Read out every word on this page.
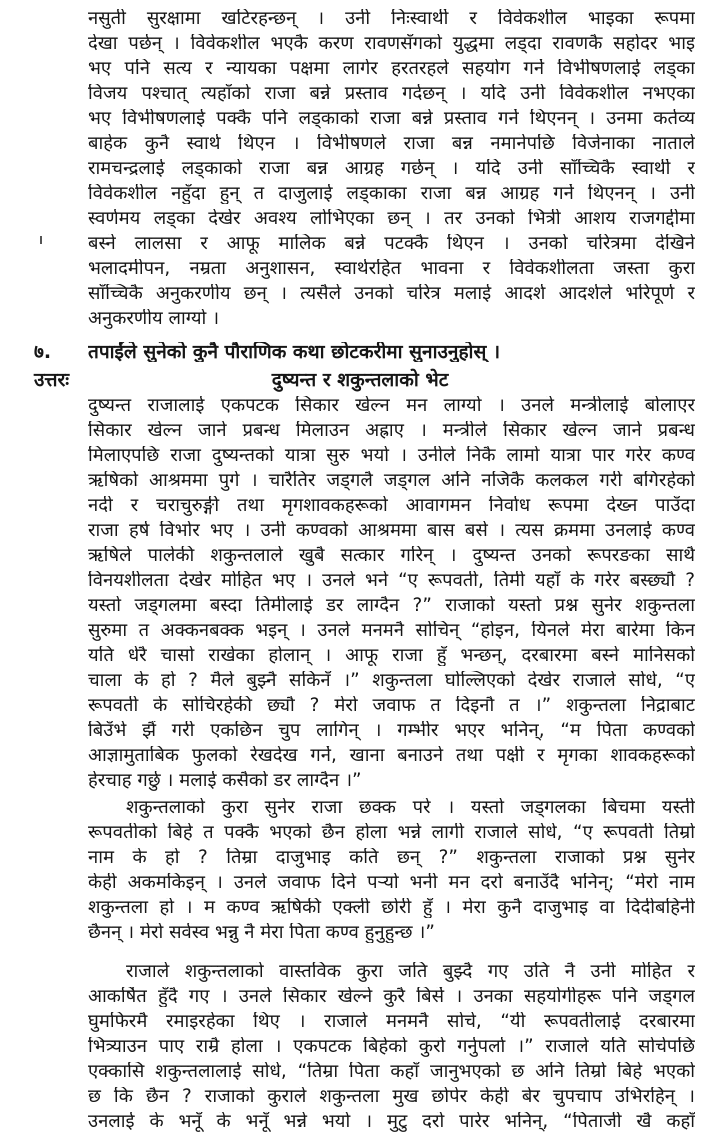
नसुती सुरक्षामा खटिरहन्छन् । उनी निःस्वार्थी र विवेकशील भाइका रूपमा
देखा पर्छन् । विवेकशील भएकै करण रावणसँगको युद्धमा लड्दा रावणकै सहोदर भाइ
भए पनि सत्य र न्यायका पक्षमा लागेर हरतरहले सहयोग गर्ने विभीषणलाई लड्का
विजय पश्चात् त्यहाँको राजा बन्ने प्रस्ताव गर्दछन् । यदि उनी विवेकशील नभएका
भए विभीषणलाई पक्कै पनि लड्काको राजा बन्ने प्रस्ताव गर्ने थिएनन् । उनमा कर्तव्य
बाहेक कुनै स्वार्थ थिएन । विभीषणले राजा बन्न नमानेपछि विजेनाका नाताले
रामचन्द्रलाई लड्काको राजा बन्न आग्रह गर्छन् । यदि उनी साँच्चिकै स्वार्थी र
विवेकशील नहुँदा हुन् त दाजुलाई लड्काका राजा बन्न आग्रह गर्ने थिएनन् । उनी
स्वर्णमय लड्का देखेर अवश्य लोभिएका छन् । तर उनको भित्री आशय राजगद्दीमा
बस्ने लालसा र आफू मालिक बन्ने पटक्कै थिएन । उनको चरित्रमा देखिने
भलादमीपन, नम्रता अनुशासन, स्वार्थरहित भावना र विवेकशीलता जस्ता कुरा
साँच्चिकै अनुकरणीय छन् । त्यसैले उनको चरित्र मलाई आदर्श आदर्शले भरिपूर्ण र
अनुकरणीय लाग्यो ।
७. तपाईंले सुनेको कुनै पौराणिक कथा छोटकरीमा सुनाउनुहोस् ।
उत्तरः	दुष्यन्त र शकुन्तलाको भेट
दुष्यन्त राजालाई एकपटक सिकार खेल्न मन लाग्यो । उनले मन्त्रीलाई बोलाएर
सिकार खेल्न जाने प्रबन्ध मिलाउन अह्राए । मन्त्रीले सिकार खेल्न जाने प्रबन्ध
मिलाएपछि राजा दुष्यन्तको यात्रा सुरु भयो । उनीले निकै लामो यात्रा पार गरेर कण्व
ऋषिको आश्रममा पुगे । चारैतिर जड्गलै जड्गल अनि नजिकै कलकल गरी बगिरहेको
नदी र चराचुरुङ्गी तथा मृगशावकहरूको आवागमन निर्वाध रूपमा देख्न पाउँदा
राजा हर्ष विभोर भए । उनी कण्वको आश्रममा बास बसे । त्यस क्रममा उनलाई कण्व
ऋषिले पालेकी शकुन्तलाले खुबै सत्कार गरिन् । दुष्यन्त उनको रूपरङका साथै
विनयशीलता देखेर मोहित भए । उनले भने “ए रूपवती, तिमी यहाँ के गरेर बस्छ्यौ ?
यस्तो जड्गलमा बस्दा तिमीलाई डर लाग्दैन ?” राजाको यस्तो प्रश्न सुनेर शकुन्तला
सुरुमा त अक्कनबक्क भइन् । उनले मनमनै सोचिन् “होइन, यिनले मेरा बारेमा किन
यति धेरै चासो राखेका होलान् । आफू राजा हुँ भन्छन्, दरबारमा बस्ने मानिसको
चाला के हो ? मैले बुझ्नै सकिनँ ।” शकुन्तला घोल्लिएको देखेर राजाले सोधे, “ए
रूपवती के सोचिरहेकी छ्यौ ? मेरो जवाफ त दिइनौ त ।” शकुन्तला निद्राबाट
बिउँभे झैं गरी एकछिन चुप लागिन् । गम्भीर भएर भनिन्, “म पिता कण्वको
आज्ञामुताबिक फुलको रेखदेख गर्ने, खाना बनाउने तथा पक्षी र मृगका शावकहरूको
हेरचाह गर्छु । मलाई कसैको डर लाग्दैन ।”
शकुन्तलाको कुरा सुनेर राजा छक्क परे । यस्तो जड्गलका बिचमा यस्ती
रूपवतीको बिहे त पक्कै भएको छैन होला भन्ने लागी राजाले सोधे, “ए रूपवती तिम्रो
नाम के हो ? तिम्रा दाजुभाइ कति छन् ?” शकुन्तला राजाको प्रश्न सुनेर
केही अकमकिइन् । उनले जवाफ दिने पऱ्यो भनी मन दरो बनाउँदै भनिन्; “मेरो नाम
शकुन्तला हो । म कण्व ऋषिकी एक्ली छोरी हुँ । मेरा कुनै दाजुभाइ वा दिदीबहिनी
छैनन् । मेरो सर्वस्व भन्नु नै मेरा पिता कण्व हुनुहुन्छ ।”
राजाले शकुन्तलाको वास्तविक कुरा जति बुझ्दै गए उति नै उनी मोहित र
आकर्षित हुँदै गए । उनले सिकार खेल्ने कुरै बिर्से । उनका सहयोगीहरू पनि जड्गल
घुमफिरमै रमाइरहेका थिए । राजाले मनमनै सोचे, “यी रूपवतीलाई दरबारमा
भित्र्याउन पाए राम्रै होला । एकपटक बिहेको कुरो गर्नुपर्ला ।” राजाले यति सोचेपछि
एक्कासि शकुन्तलालाई सोधे, “तिम्रा पिता कहाँ जानुभएको छ अनि तिम्रो बिहे भएको
छ कि छैन ? राजाको कुराले शकुन्तला मुख छोपेर केही बेर चुपचाप उभिरहिन् ।
उनलाई के भनूँ के भनूँ भन्ने भयो । मुटु दरो पारेर भनिन्, “पिताजी खै कहाँ
